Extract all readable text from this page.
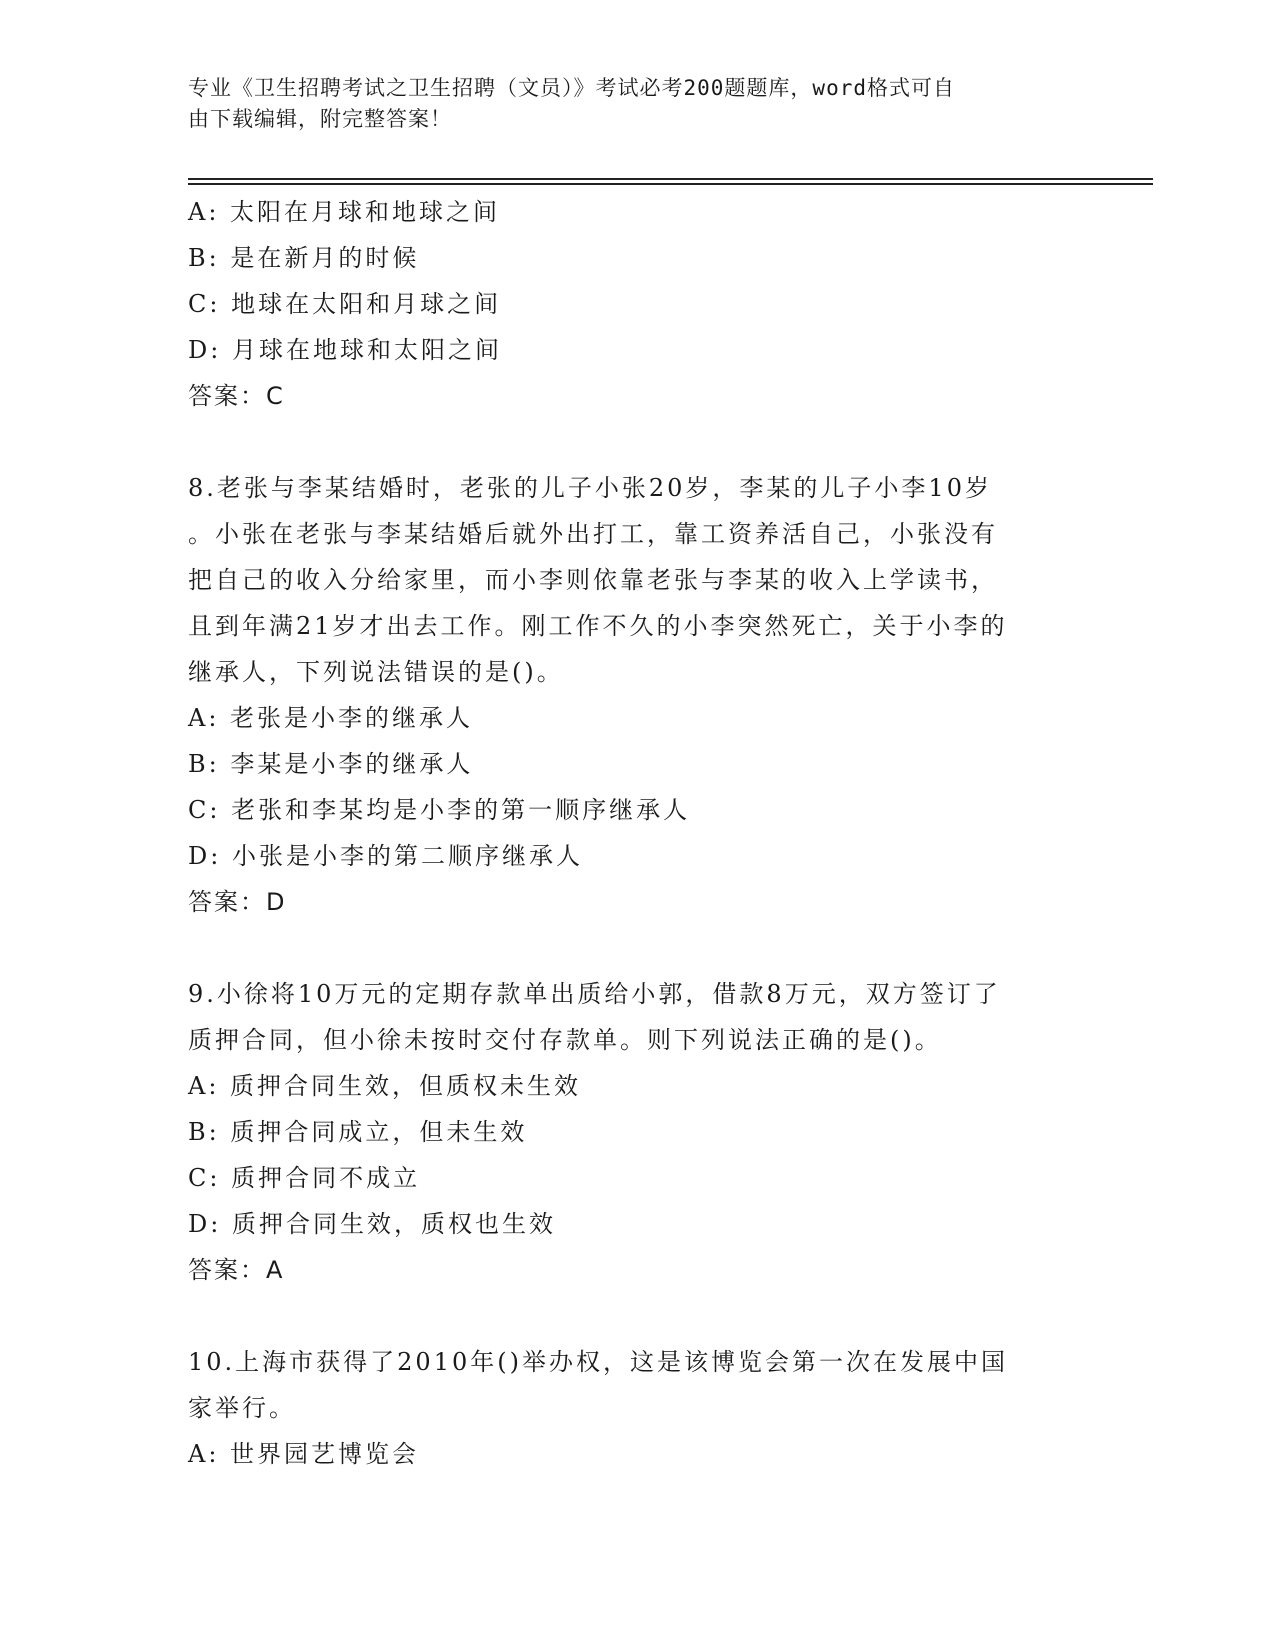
专业《卫生招聘考试之卫生招聘（文员）》考试必考200题题库，word格式可自
由下载编辑，附完整答案！
A: 太阳在月球和地球之间
B: 是在新月的时候
C: 地球在太阳和月球之间
D: 月球在地球和太阳之间
答案：C
8.老张与李某结婚时，老张的儿子小张20岁，李某的儿子小李10岁
。小张在老张与李某结婚后就外出打工，靠工资养活自己，小张没有
把自己的收入分给家里，而小李则依靠老张与李某的收入上学读书，
且到年满21岁才出去工作。刚工作不久的小李突然死亡，关于小李的
继承人，下列说法错误的是()。
A: 老张是小李的继承人
B: 李某是小李的继承人
C: 老张和李某均是小李的第一顺序继承人
D: 小张是小李的第二顺序继承人
答案：D
9.小徐将10万元的定期存款单出质给小郭，借款8万元，双方签订了
质押合同，但小徐未按时交付存款单。则下列说法正确的是()。
A: 质押合同生效，但质权未生效
B: 质押合同成立，但未生效
C: 质押合同不成立
D: 质押合同生效，质权也生效
答案：A
10.上海市获得了2010年()举办权，这是该博览会第一次在发展中国
家举行。
A: 世界园艺博览会
